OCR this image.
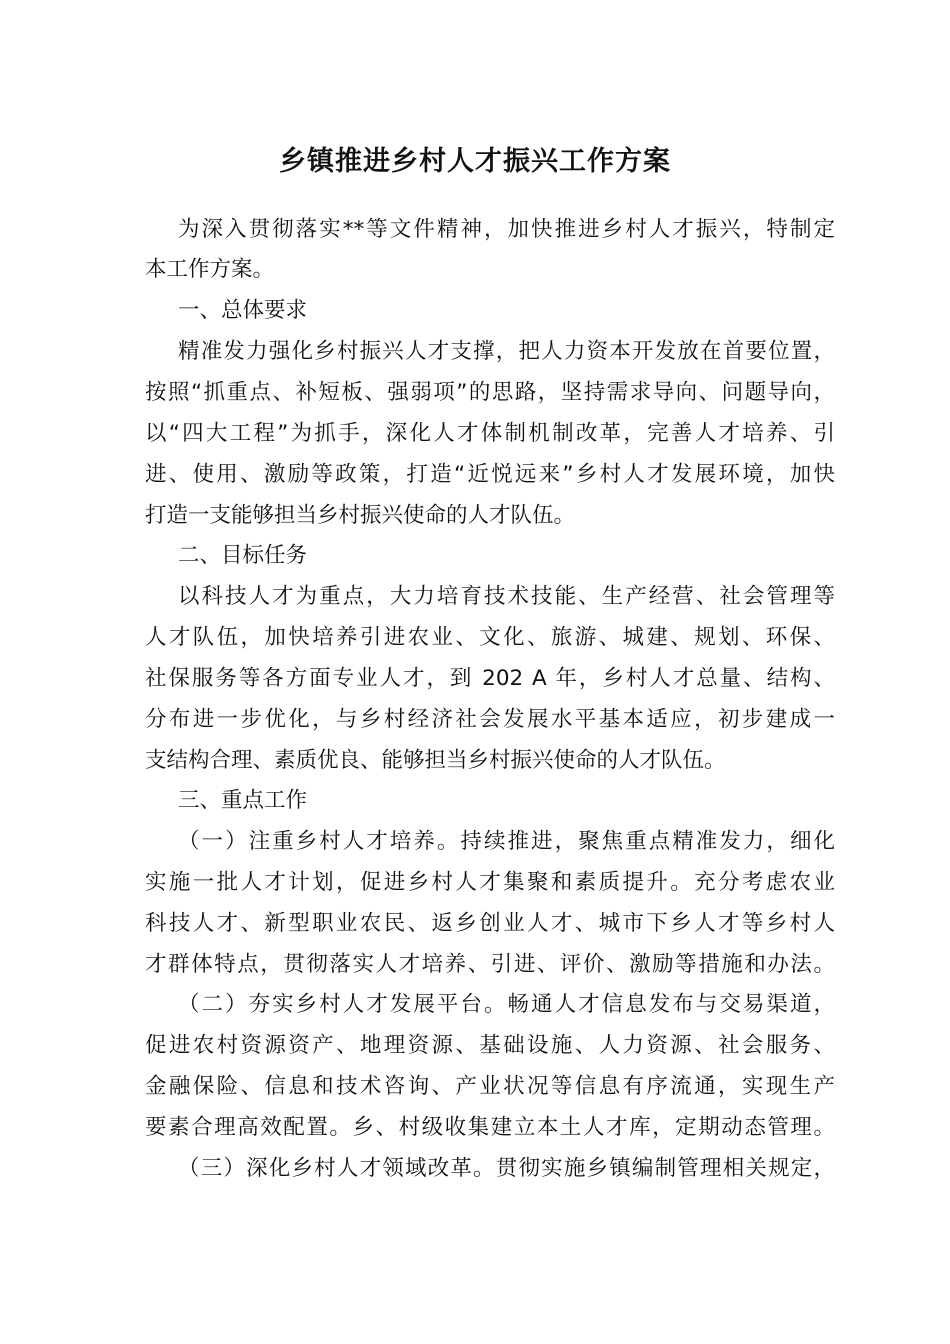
乡镇推进乡村人才振兴工作方案

为深入贯彻落实**等文件精神，加快推进乡村人才振兴，特制定

本工作方案。

一、总体要求

精准发力强化乡村振兴人才支撑，把人力资本开发放在首要位置，

按照“抓重点、补短板、强弱项”的思路，坚持需求导向、问题导向，

以“四大工程”为抓手，深化人才体制机制改革，完善人才培养、引

进、使用、激励等政策，打造“近悦远来”乡村人才发展环境，加快

打造一支能够担当乡村振兴使命的人才队伍。

二、目标任务

以科技人才为重点，大力培育技术技能、生产经营、社会管理等

人才队伍，加快培养引进农业、文化、旅游、城建、规划、环保、

社保服务等各方面专业人才，到 202 A 年，乡村人才总量、结构、

分布进一步优化，与乡村经济社会发展水平基本适应，初步建成一

支结构合理、素质优良、能够担当乡村振兴使命的人才队伍。

三、重点工作

（一）注重乡村人才培养。持续推进，聚焦重点精准发力，细化

实施一批人才计划，促进乡村人才集聚和素质提升。充分考虑农业

科技人才、新型职业农民、返乡创业人才、城市下乡人才等乡村人

才群体特点，贯彻落实人才培养、引进、评价、激励等措施和办法。

（二）夯实乡村人才发展平台。畅通人才信息发布与交易渠道，

促进农村资源资产、地理资源、基础设施、人力资源、社会服务、

金融保险、信息和技术咨询、产业状况等信息有序流通，实现生产

要素合理高效配置。乡、村级收集建立本土人才库，定期动态管理。

（三）深化乡村人才领域改革。贯彻实施乡镇编制管理相关规定，
